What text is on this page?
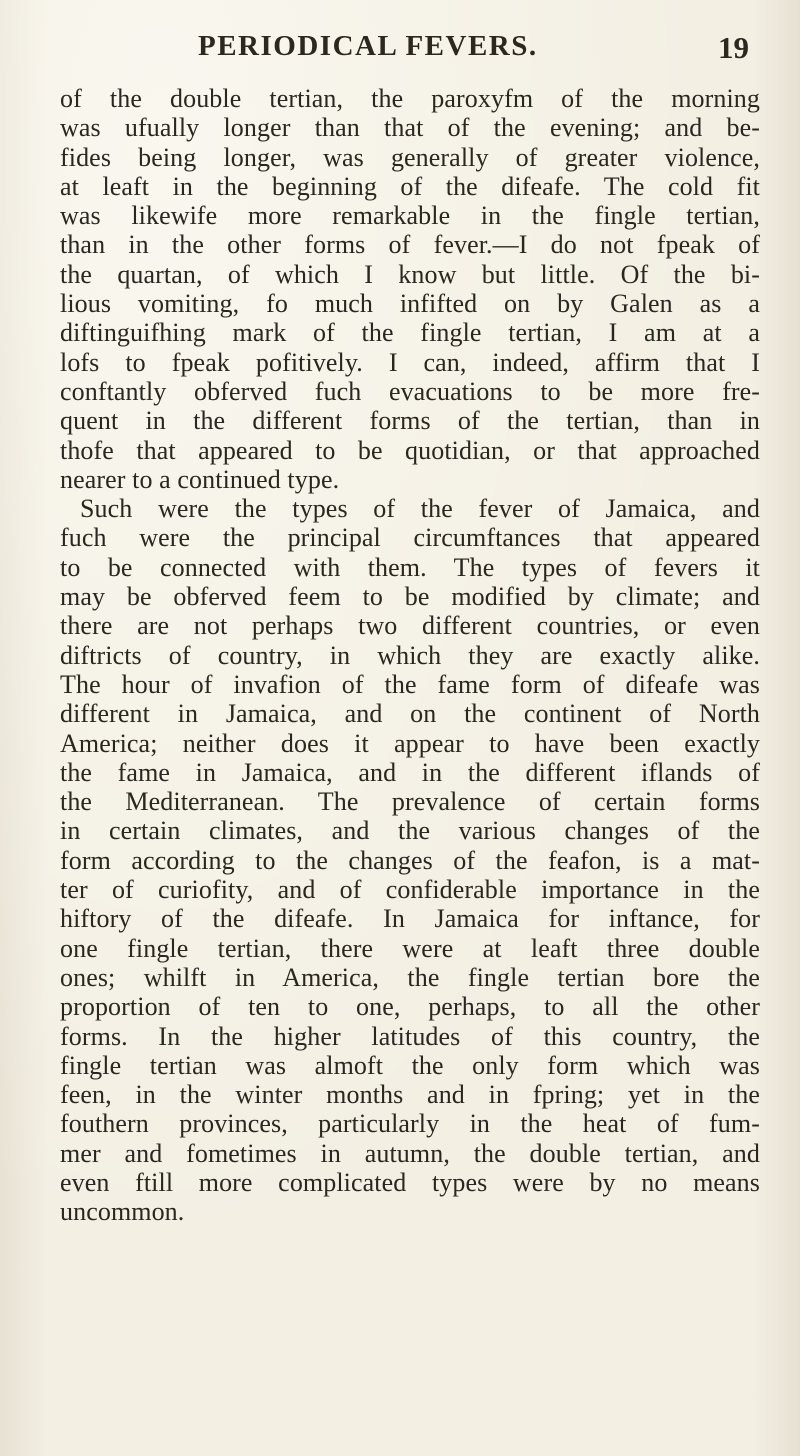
PERIODICAL FEVERS.	19
of the double tertian, the paroxyfm of the morning
was ufually longer than that of the evening; and be-
fides being longer, was generally of greater violence,
at leaft in the beginning of the difeafe. The cold fit
was likewife more remarkable in the fingle tertian,
than in the other forms of fever.—I do not fpeak of
the quartan, of which I know but little. Of the bi-
lious vomiting, fo much infifted on by Galen as a
diftinguifhing mark of the fingle tertian, I am at a
lofs to fpeak pofitively. I can, indeed, affirm that I
conftantly obferved fuch evacuations to be more fre-
quent in the different forms of the tertian, than in
thofe that appeared to be quotidian, or that approached
nearer to a continued type.
Such were the types of the fever of Jamaica, and
fuch were the principal circumftances that appeared
to be connected with them. The types of fevers it
may be obferved feem to be modified by climate; and
there are not perhaps two different countries, or even
diftricts of country, in which they are exactly alike.
The hour of invafion of the fame form of difeafe was
different in Jamaica, and on the continent of North
America; neither does it appear to have been exactly
the fame in Jamaica, and in the different iflands of
the Mediterranean. The prevalence of certain forms
in certain climates, and the various changes of the
form according to the changes of the feafon, is a mat-
ter of curiofity, and of confiderable importance in the
hiftory of the difeafe. In Jamaica for inftance, for
one fingle tertian, there were at leaft three double
ones; whilft in America, the fingle tertian bore the
proportion of ten to one, perhaps, to all the other
forms. In the higher latitudes of this country, the
fingle tertian was almoft the only form which was
feen, in the winter months and in fpring; yet in the
fouthern provinces, particularly in the heat of fum-
mer and fometimes in autumn, the double tertian, and
even ftill more complicated types were by no means
uncommon.
